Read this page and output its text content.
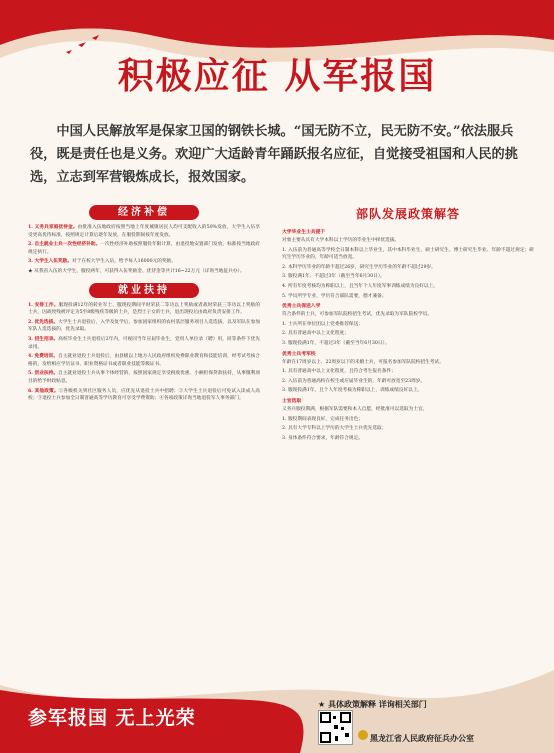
积极应征 从军报国

中国人民解放军是保家卫国的钢铁长城。“国无防不立，民无防不安。”依法服兵役，既是责任也是义务。欢迎广大适龄青年踊跃报名应征，自觉接受祖国和人民的挑选，立志到军营锻炼成长，报效国家。

经济补偿

1. 义务兵家庭优待金。由批准入伍地政府按照当地上年度城镇居民人均可支配收入的50%发放，大学生入伍享受更高优待标准，按照规定计算后逐年发放，在服役期间按年度发放。

2. 自主就业士兵一次性经济补助。一次性经济补助按照服役年限计算，由退役地安置部门发放，标准按当地政府规定执行。

3. 大学生入伍奖励。对于在校大学生入伍，给予每人16000元的奖励。

★ 从我省入伍的大学生，服役两年，可获得入伍奖励金、优待金等共计16~22万元（详询当地征兵办）。

就业扶持

1. 安排工作。服现役满12年的转业军士、服现役期间平时荣获二等功以上奖励或者战时荣获三等功以上奖励的士兵，因战致残被评定为5至8级残疾等级的士兵，是烈士子女的士兵，退出现役后由政府负责安排工作。

2. 优先选拔。大学生士兵退役后，入学及复学后，参加国家组织的农村基层服务项目人选选拔，以及军队在参加军队人选选拔的，优先录取。

3. 招生招录。高校毕业生士兵退役后2年内，可视同当年应届毕业生，党用人单位录（聘）用，同等条件下优先录用。

4. 免费培训。自主就业退役士兵退役后，由县级以上地方人民政府组织免费职业教育和技能培训，经考试考核合格的，发给相应学历证书、职业资格证书或者职业技能等级证书。

5. 创业扶持。自主就业退役士兵从事个体经营的，按照国家规定享受税收优惠、小额担保贷款扶持，从事微利项目的给予财政贴息。

6. 其他政策。①各级机关到社区服务人员，应优先从退役士兵中招聘；②大学生士兵退役后可免试入读成人高校；③退役士兵参加全日制普通高等学历教育可享受学费资助；④各项政策详询当地退役军人事务部门。

部队发展政策解答
大学毕业生士兵提干

对象主要从具有大学本科以上学历的毕业生中择优选拔。

1. 入伍前为普通高等学校全日制本科以上毕业生，其中本科毕业生、硕士研究生、博士研究生毕业、年龄不超过规定；研究生学历毕业的，年龄可适当放宽。

2. 本科学历毕业的年龄不超过26岁，研究生学历毕业的年龄不超过29岁。

3. 服役满1年、不超过3年（截至当年6月30日）。

4. 所有年度考核均为称职以上，且当年个人年度军事训练成绩为良好以上。

5. 学员所学专业、学历符合部队需要，德才兼备。

优秀士兵保送入学

符合条件的士兵，可参加军队院校招生考试，优先录取为军队院校学员。

1. 士兵所在单位团以上党委推荐保送；

2. 具有普通高中以上文化程度；

3. 服现役满1年，不超过3年（截至当年6月30日）。

优秀士兵考军校

年龄在17周岁以上、22周岁以下的未婚士兵，可报名参加军队院校招生考试。

1. 具有普通高中以上文化程度，且符合考生报名条件；

2. 入伍前为普通高校在校生或应届毕业生的，年龄可放宽至23周岁。

3. 服现役满1年，且个人年度考核为称职以上，训练成绩良好以上。

士官选取

义务兵服役期满，根据军队需要和本人自愿，经批准可以选取为士官。

1. 服役期间表现良好，完成任务出色；

2. 具有大学专科以上学历的大学生士兵优先选取；

3. 身体条件符合要求，年龄符合规定。

参军报国 无上光荣
★ 具体政策解释 详询相关部门
黑龙江省人民政府征兵办公室
